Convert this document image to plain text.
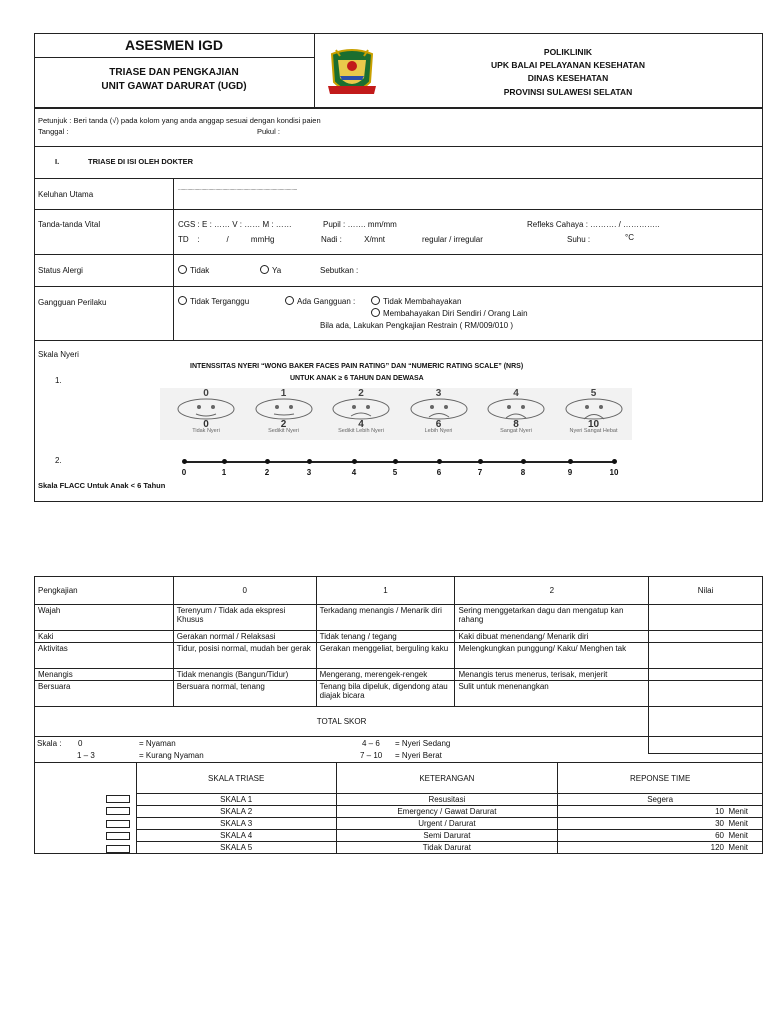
ASESMEN IGD
TRIASE DAN PENGKAJIAN
UNIT GAWAT DARURAT (UGD)
POLIKLINIK
UPK BALAI PELAYANAN KESEHATAN
DINAS KESEHATAN
PROVINSI SULAWESI SELATAN
Petunjuk : Beri tanda (√) pada kolom yang anda anggap sesuai dengan kondisi paien
Tanggal :	Pukul :
I.	TRIASE DI ISI OLEH DOKTER
Keluhan Utama
......................................................................................................
Tanda-tanda Vital	CGS : E : …… V : …… M : ……	Pupil : ……. mm/mm	Refleks Cahaya : ………. / …………..
TD    :            /          mmHg	Nadi :          X/mnt	regular / irregular	Suhu :	°C
Status Alergi	Tidak	Ya	Sebutkan :
Gangguan Perilaku	Tidak Terganggu	Ada Gangguan :	Tidak Membahayakan
Membahayakan Diri Sendiri / Orang Lain
Bila ada, Lakukan Pengkajian Restrain ( RM/009/010 )
Skala Nyeri
INTENSSITAS NYERI “WONG BAKER FACES PAIN RATING” DAN “NUMERIC RATING SCALE” (NRS)
UNTUK ANAK ≥ 6 TAHUN DAN DEWASA
1.
0
0
Tidak Nyeri
1
2
Sedikit Nyeri
2
4
Sedikit Lebih Nyeri
3
6
Lebih Nyeri
4
8
Sangat Nyeri
5
10
Nyeri Sangat Hebat
2.
0	1	2	3	4	5	6	7	8	9	10
Skala FLACC Untuk Anak < 6 Tahun
Pengkajian	0	1	2	Nilai
Wajah	Terenyum / Tidak ada ekspresi Khusus	Terkadang menangis / Menarik diri	Sering menggetarkan dagu dan mengatup kan rahang	
Kaki	Gerakan normal / Relaksasi	Tidak tenang / tegang	Kaki dibuat menendang/ Menarik diri	
Aktivitas	Tidur, posisi normal, mudah ber gerak	Gerakan menggeliat, berguling kaku	Melengkungkan punggung/ Kaku/ Menghen tak	
Menangis	Tidak menangis (Bangun/Tidur)	Mengerang, merengek-rengek	Menangis terus menerus, terisak, menjerit	
Bersuara	Bersuara normal, tenang	Tenang bila dipeluk, digendong atau diajak bicara	Sulit untuk menenangkan	
TOTAL SKOR				
Skala : 0	= Nyaman	4 – 6 = Nyeri Sedang
1 – 3	= Kurang Nyaman	7 – 10 = Nyeri Berat
	SKALA TRIASE	KETERANGAN	REPONSE TIME
	SKALA 1	Resusitasi	Segera
	SKALA 2	Emergency / Gawat Darurat	10  Menit
	SKALA 3	Urgent / Darurat	30  Menit
	SKALA 4	Semi Darurat	60  Menit
	SKALA 5	Tidak Darurat	120  Menit
